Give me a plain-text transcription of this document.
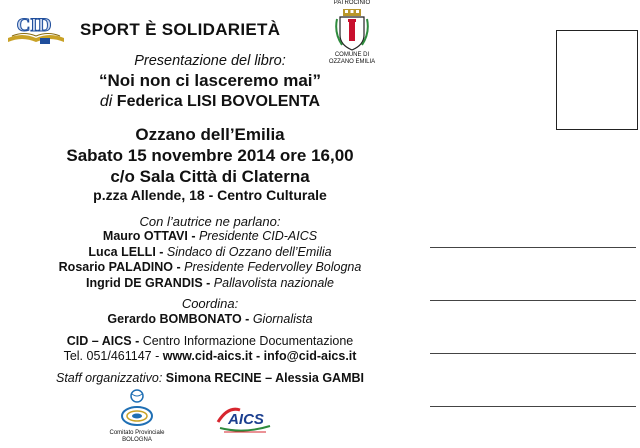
CID SPORT È SOLIDARIETÀ
PATROCINIO
COMUNE DI
OZZANO EMILIA
Presentazione del libro:
“Noi non ci lasceremo mai”
di Federica LISI BOVOLENTA
Ozzano dell’Emilia
Sabato 15 novembre 2014 ore 16,00
c/o Sala Città di Claterna
p.zza Allende, 18 - Centro Culturale
Con l’autrice ne parlano:
Mauro OTTAVI - Presidente CID-AICS
Luca LELLI - Sindaco di Ozzano dell’Emilia
Rosario PALADINO - Presidente Federvolley Bologna
Ingrid DE GRANDIS - Pallavolista nazionale
Coordina:
Gerardo BOMBONATO - Giornalista
CID – AICS - Centro Informazione Documentazione
Tel. 051/461147 - www.cid-aics.it - info@cid-aics.it
Staff organizzativo: Simona RECINE – Alessia GAMBI
Comitato Provinciale
BOLOGNA
AICS
